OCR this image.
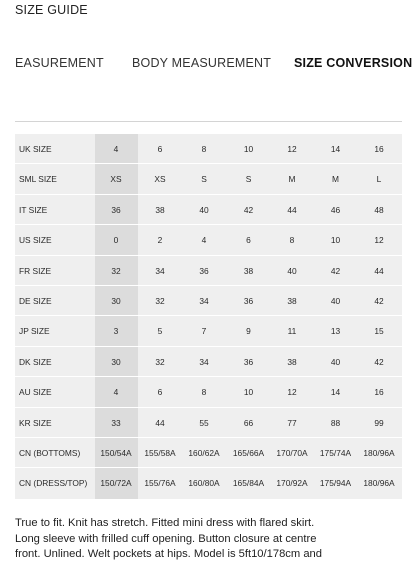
SIZE GUIDE
EASUREMENT BODY MEASUREMENT SIZE CONVERSION
UK SIZE	4	6	8	10	12	14	16
SML SIZE	XS	XS	S	S	M	M	L
IT SIZE	36	38	40	42	44	46	48
US SIZE	0	2	4	6	8	10	12
FR SIZE	32	34	36	38	40	42	44
DE SIZE	30	32	34	36	38	40	42
JP SIZE	3	5	7	9	11	13	15
DK SIZE	30	32	34	36	38	40	42
AU SIZE	4	6	8	10	12	14	16
KR SIZE	33	44	55	66	77	88	99
CN (BOTTOMS)	150/54A	155/58A	160/62A	165/66A	170/70A	175/74A	180/96A
CN (DRESS/TOP)	150/72A	155/76A	160/80A	165/84A	170/92A	175/94A	180/96A
True to fit. Knit has stretch. Fitted mini dress with flared skirt.
Long sleeve with frilled cuff opening. Button closure at centre
front. Unlined. Welt pockets at hips. Model is 5ft10/178cm and
